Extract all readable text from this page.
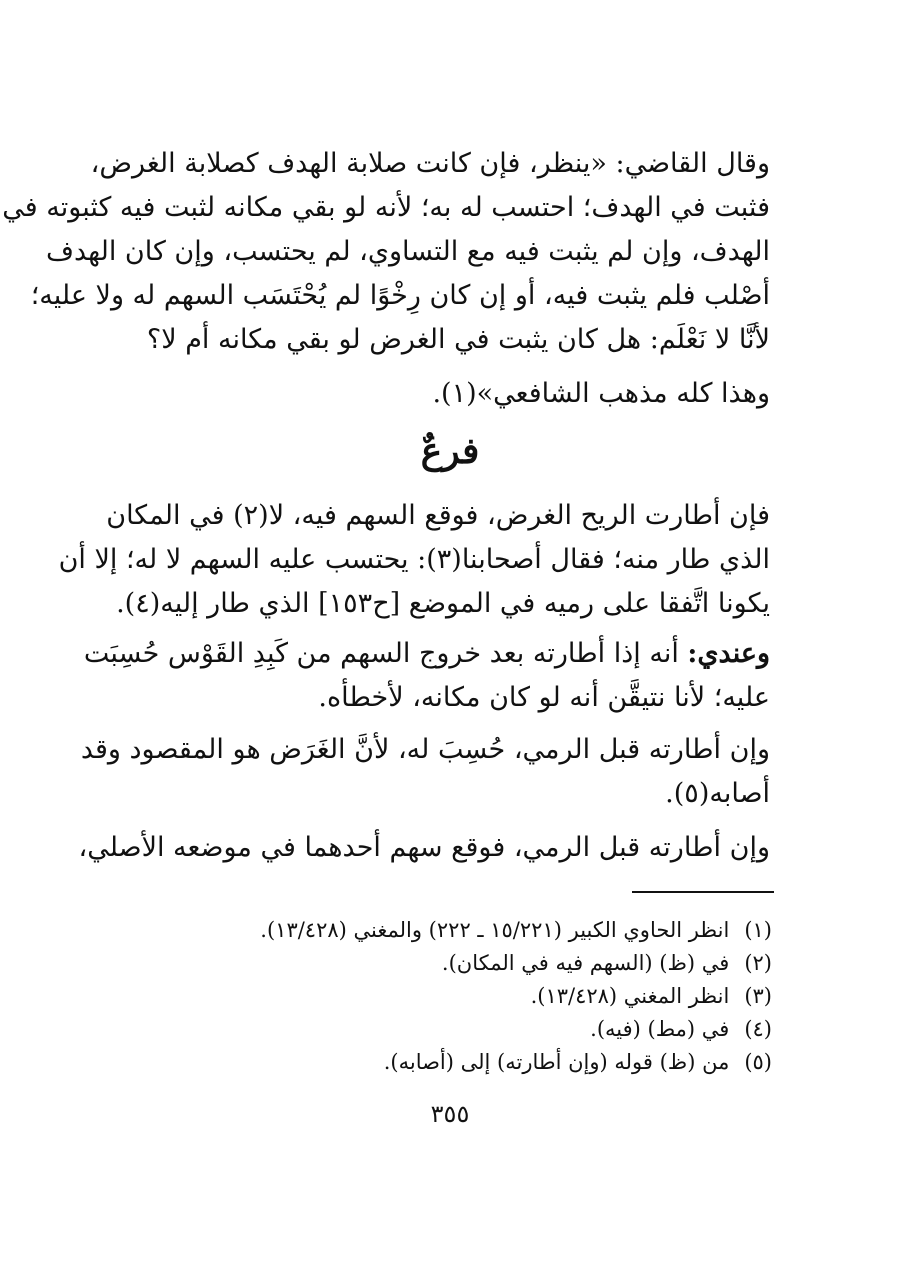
وقال القاضي: «ينظر، فإن كانت صلابة الهدف كصلابة الغرض،
فثبت في الهدف؛ احتسب له به؛ لأنه لو بقي مكانه لثبت فيه كثبوته في
الهدف، وإن لم يثبت فيه مع التساوي، لم يحتسب، وإن كان الهدف
أصْلب فلم يثبت فيه، أو إن كان رِخْوًا لم يُحْتَسَب السهم له ولا عليه؛
لأنَّا لا نَعْلَم: هل كان يثبت في الغرض لو بقي مكانه أم لا؟
وهذا كله مذهب الشافعي»(١).
فرعٌ
فإن أطارت الريح الغرض، فوقع السهم فيه، لا(٢) في المكان
الذي طار منه؛ فقال أصحابنا(٣): يحتسب عليه السهم لا له؛ إلا أن
يكونا اتَّفقا على رميه في الموضع [ح١٥٣] الذي طار إليه(٤).
وعندي: أنه إذا أطارته بعد خروج السهم من كَبِدِ القَوْس حُسِبَت
عليه؛ لأنا نتيقَّن أنه لو كان مكانه، لأخطأه.
وإن أطارته قبل الرمي، حُسِبَ له، لأنَّ الغَرَض هو المقصود وقد
أصابه(٥).
وإن أطارته قبل الرمي، فوقع سهم أحدهما في موضعه الأصلي،
(١) انظر الحاوي الكبير (١٥/٢٢١ ـ ٢٢٢) والمغني (١٣/٤٢٨).
(٢) في (ظ) (السهم فيه في المكان).
(٣) انظر المغني (١٣/٤٢٨).
(٤) في (مط) (فيه).
(٥) من (ظ) قوله (وإن أطارته) إلى (أصابه).
٣٥٥
